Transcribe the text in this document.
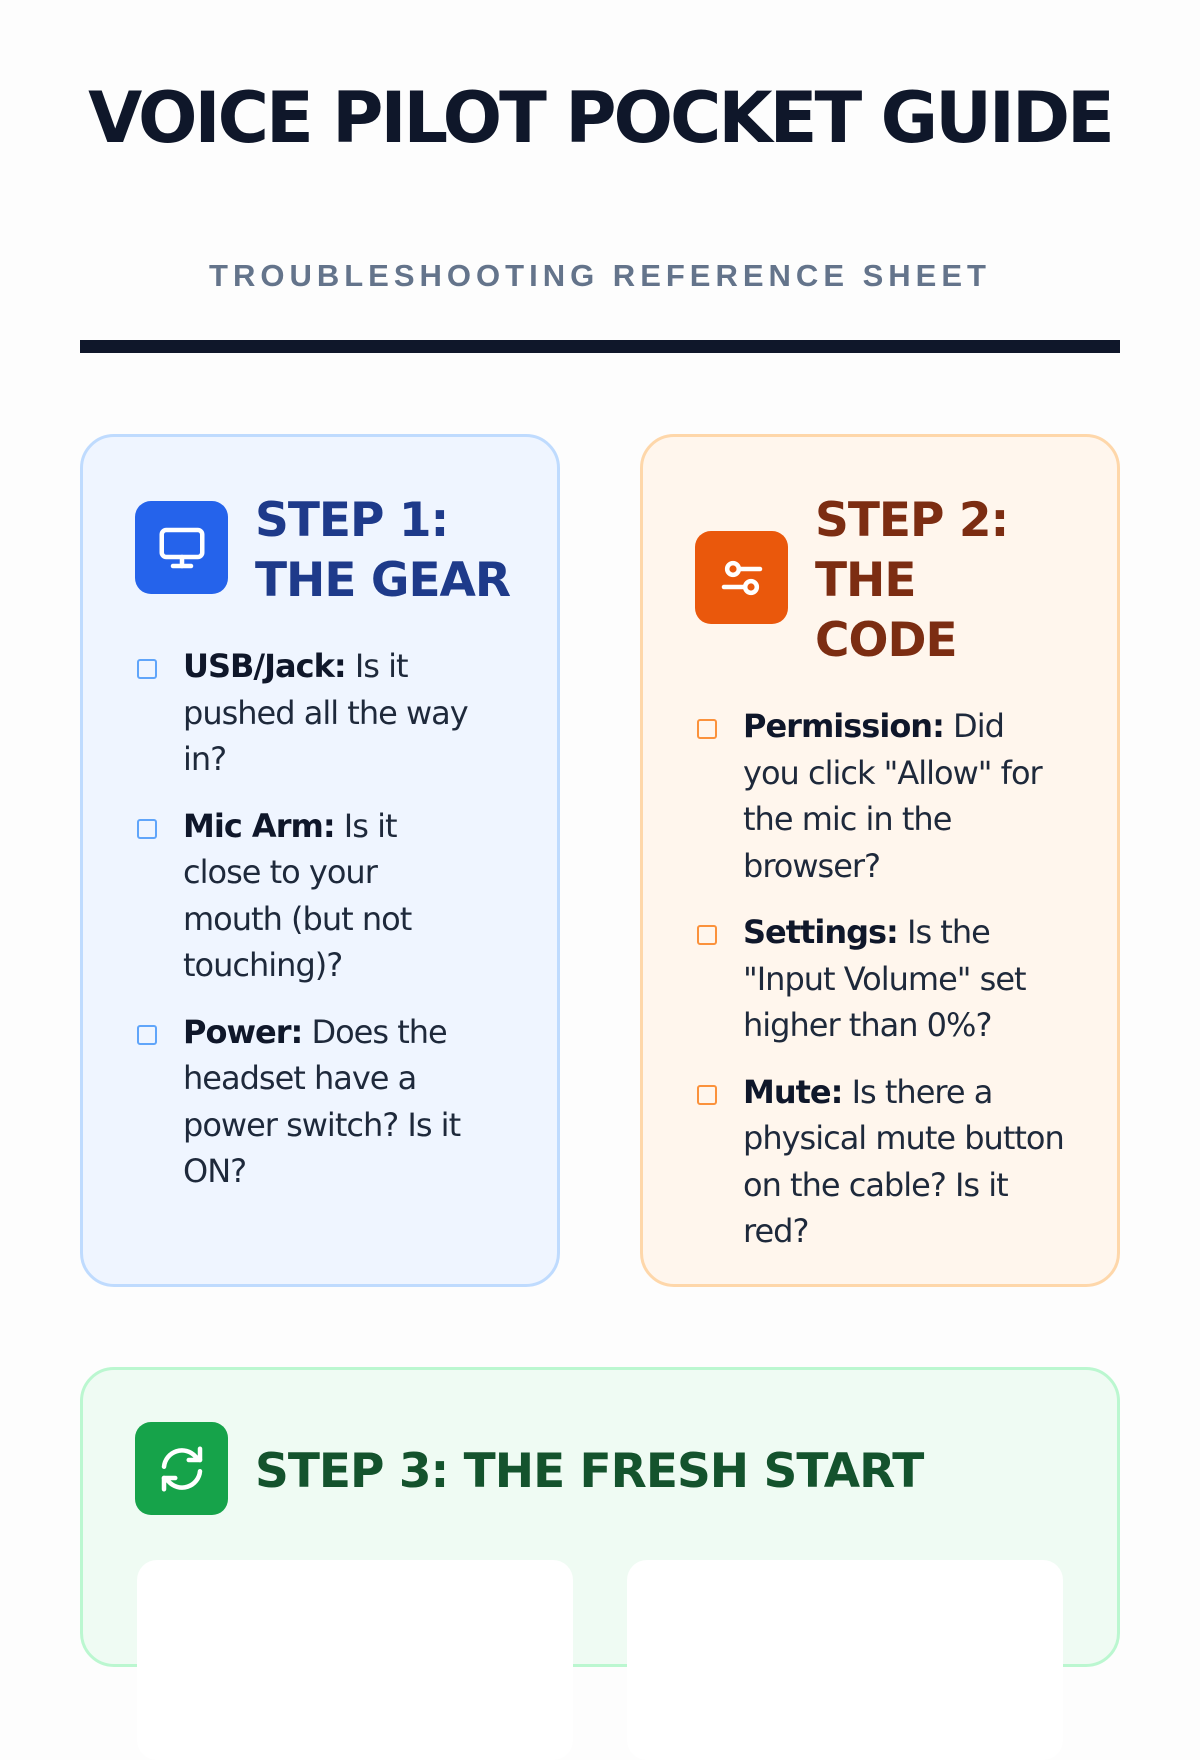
VOICE PILOT POCKET GUIDE
TROUBLESHOOTING REFERENCE SHEET
STEP 1: THE GEAR
USB/Jack: Is it pushed all the way in?
Mic Arm: Is it close to your mouth (but not touching)?
Power: Does the headset have a power switch? Is it ON?
STEP 2: THE CODE
Permission: Did you click "Allow" for the mic in the browser?
Settings: Is the "Input Volume" set higher than 0%?
Mute: Is there a physical mute button on the cable? Is it red?
STEP 3: THE FRESH START
